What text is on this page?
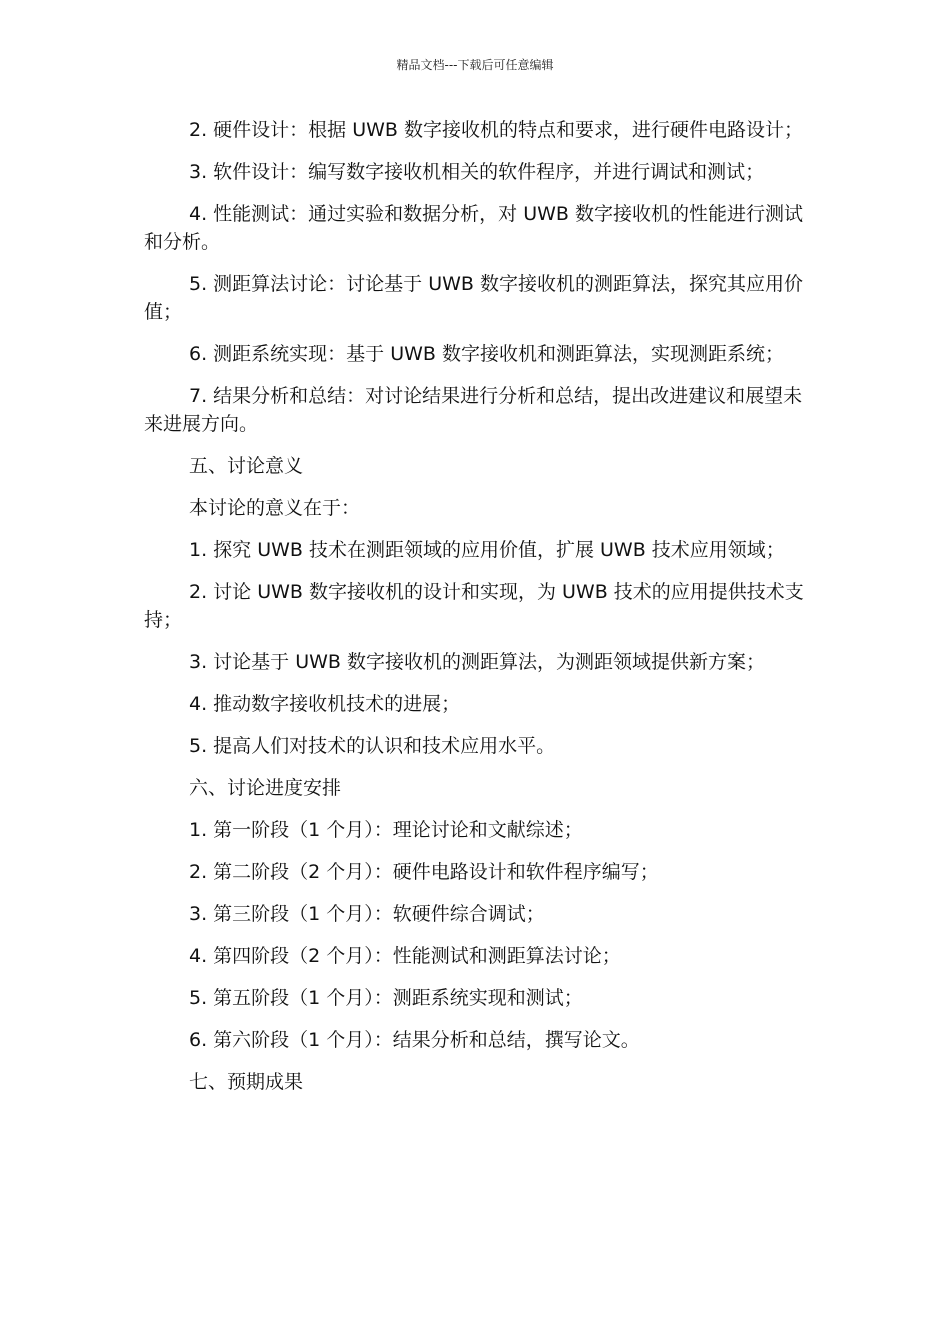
精品文档---下载后可任意编辑

2. 硬件设计：根据 UWB 数字接收机的特点和要求，进行硬件电路设计；

3. 软件设计：编写数字接收机相关的软件程序，并进行调试和测试；

4. 性能测试：通过实验和数据分析，对 UWB 数字接收机的性能进行测试和分析。

5. 测距算法讨论：讨论基于 UWB 数字接收机的测距算法，探究其应用价值；

6. 测距系统实现：基于 UWB 数字接收机和测距算法，实现测距系统；

7. 结果分析和总结：对讨论结果进行分析和总结，提出改进建议和展望未来进展方向。

五、讨论意义

本讨论的意义在于：

1. 探究 UWB 技术在测距领域的应用价值，扩展 UWB 技术应用领域；

2. 讨论 UWB 数字接收机的设计和实现，为 UWB 技术的应用提供技术支持；

3. 讨论基于 UWB 数字接收机的测距算法，为测距领域提供新方案；

4. 推动数字接收机技术的进展；

5. 提高人们对技术的认识和技术应用水平。

六、讨论进度安排

1. 第一阶段（1 个月）：理论讨论和文献综述；

2. 第二阶段（2 个月）：硬件电路设计和软件程序编写；

3. 第三阶段（1 个月）：软硬件综合调试；

4. 第四阶段（2 个月）：性能测试和测距算法讨论；

5. 第五阶段（1 个月）：测距系统实现和测试；

6. 第六阶段（1 个月）：结果分析和总结，撰写论文。

七、预期成果
